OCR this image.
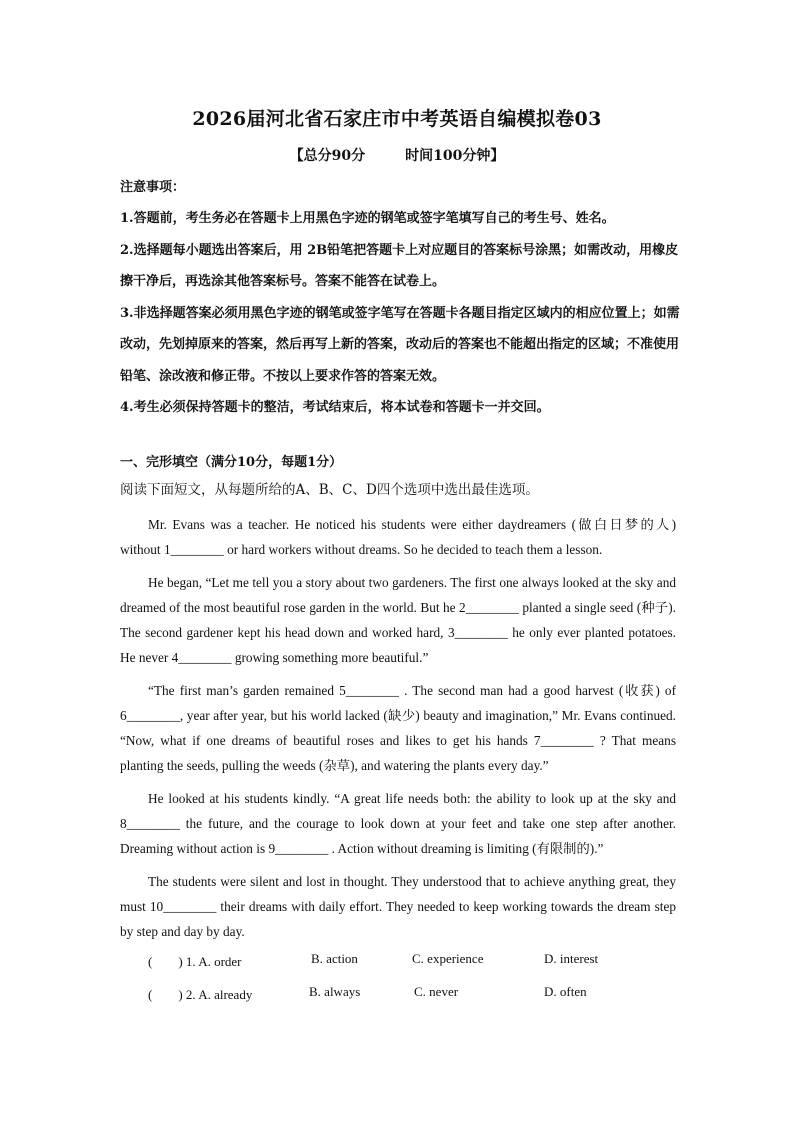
2026届河北省石家庄市中考英语自编模拟卷03
【总分90分	时间100分钟】
注意事项：
1.答题前，考生务必在答题卡上用黑色字迹的钢笔或签字笔填写自己的考生号、姓名。
2.选择题每小题选出答案后，用 2B铅笔把答题卡上对应题目的答案标号涂黑；如需改动，用橡皮擦干净后，再选涂其他答案标号。答案不能答在试卷上。
3.非选择题答案必须用黑色字迹的钢笔或签字笔写在答题卡各题目指定区域内的相应位置上；如需改动，先划掉原来的答案，然后再写上新的答案，改动后的答案也不能超出指定的区域；不准使用铅笔、涂改液和修正带。不按以上要求作答的答案无效。
4.考生必须保持答题卡的整洁，考试结束后，将本试卷和答题卡一并交回。
一、完形填空（满分10分，每题1分）
阅读下面短文，从每题所给的A、B、C、D四个选项中选出最佳选项。

Mr. Evans was a teacher. He noticed his students were either daydreamers (做白日梦的人) without 1________ or hard workers without dreams. So he decided to teach them a lesson.

He began, “Let me tell you a story about two gardeners. The first one always looked at the sky and dreamed of the most beautiful rose garden in the world. But he 2________ planted a single seed (种子). The second gardener kept his head down and worked hard, 3________ he only ever planted potatoes. He never 4________ growing something more beautiful.”

“The first man’s garden remained 5________ . The second man had a good harvest (收获) of 6________, year after year, but his world lacked (缺少) beauty and imagination,” Mr. Evans continued. “Now, what if one dreams of beautiful roses and likes to get his hands 7________ ? That means planting the seeds, pulling the weeds (杂草), and watering the plants every day.”

He looked at his students kindly. “A great life needs both: the ability to look up at the sky and 8________ the future, and the courage to look down at your feet and take one step after another. Dreaming without action is 9________ . Action without dreaming is limiting (有限制的).”

The students were silent and lost in thought. They understood that to achieve anything great, they must 10________ their dreams with daily effort. They needed to keep working towards the dream step by step and day by day.

(　　) 1. A. order	B. action	C. experience	D. interest
(　　) 2. A. already	B. always	C. never	D. often
